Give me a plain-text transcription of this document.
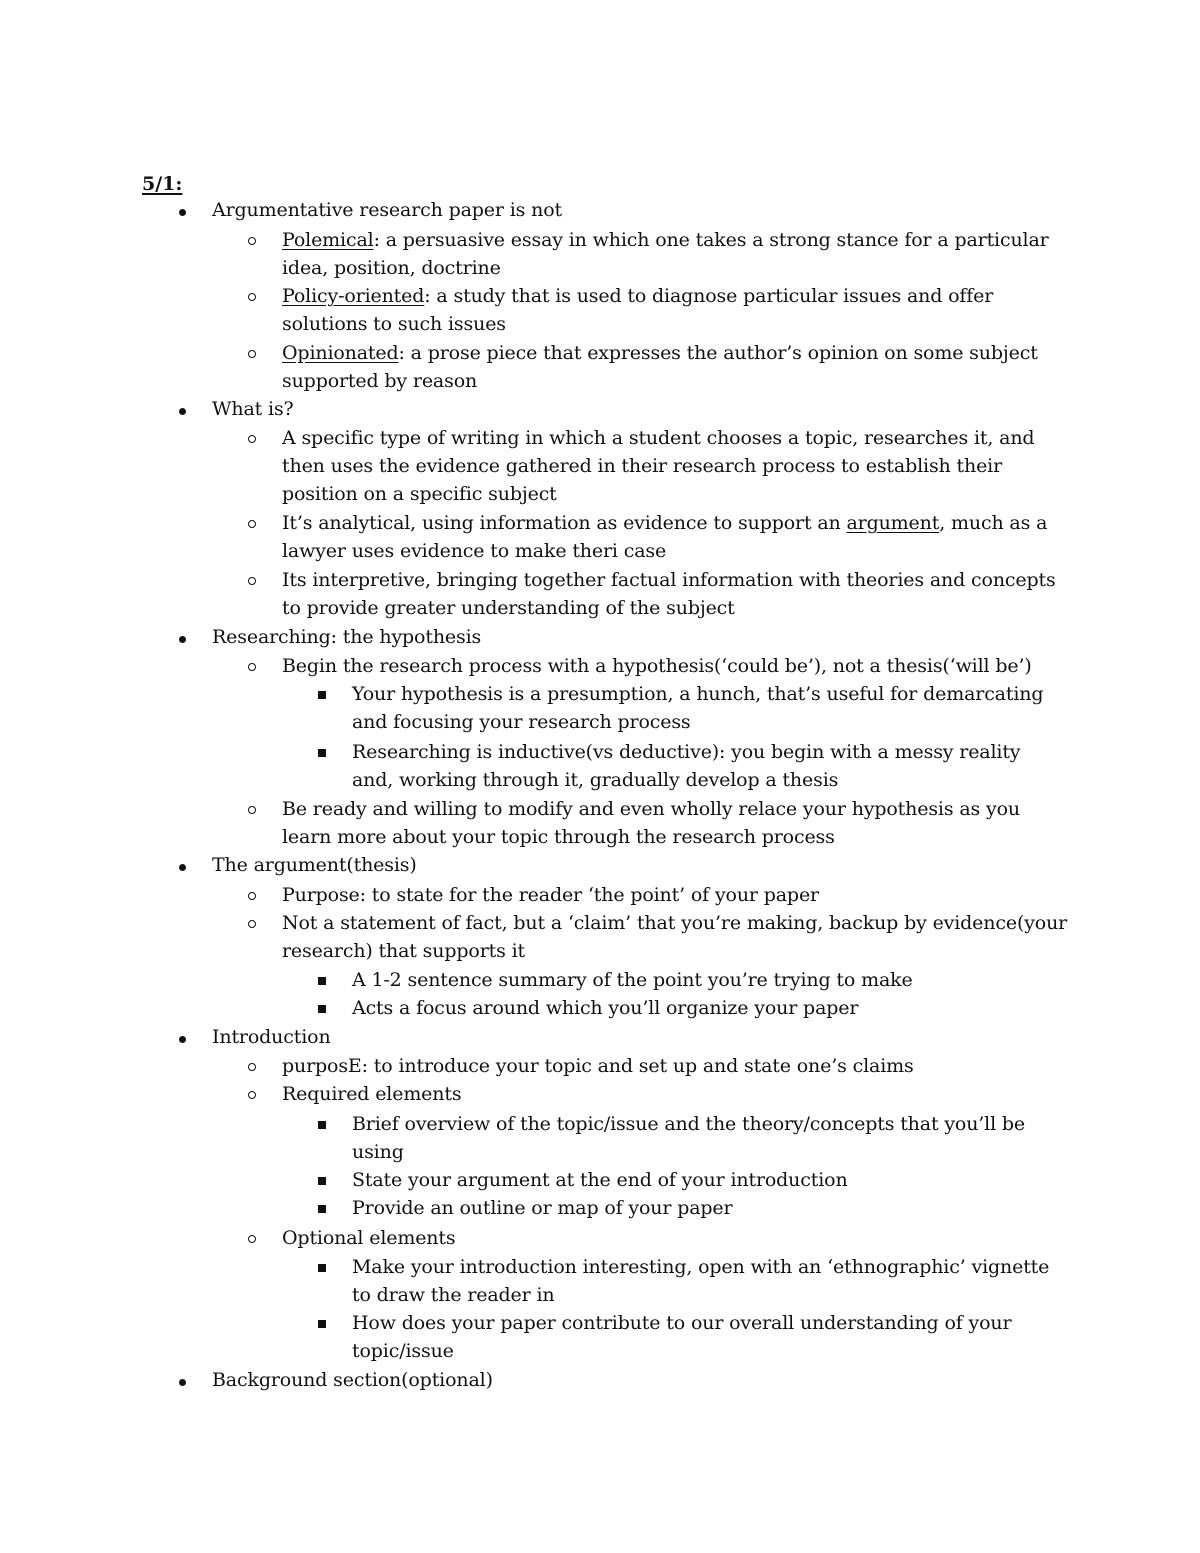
5/1:
Argumentative research paper is not
Polemical: a persuasive essay in which one takes a strong stance for a particular
idea, position, doctrine
Policy-oriented: a study that is used to diagnose particular issues and offer
solutions to such issues
Opinionated: a prose piece that expresses the author’s opinion on some subject
supported by reason
What is?
A specific type of writing in which a student chooses a topic, researches it, and
then uses the evidence gathered in their research process to establish their
position on a specific subject
It’s analytical, using information as evidence to support an argument, much as a
lawyer uses evidence to make theri case
Its interpretive, bringing together factual information with theories and concepts
to provide greater understanding of the subject
Researching: the hypothesis
Begin the research process with a hypothesis(‘could be’), not a thesis(‘will be’)
Your hypothesis is a presumption, a hunch, that’s useful for demarcating
and focusing your research process
Researching is inductive(vs deductive): you begin with a messy reality
and, working through it, gradually develop a thesis
Be ready and willing to modify and even wholly relace your hypothesis as you
learn more about your topic through the research process
The argument(thesis)
Purpose: to state for the reader ‘the point’ of your paper
Not a statement of fact, but a ‘claim’ that you’re making, backup by evidence(your
research) that supports it
A 1-2 sentence summary of the point you’re trying to make
Acts a focus around which you’ll organize your paper
Introduction
purposE: to introduce your topic and set up and state one’s claims
Required elements
Brief overview of the topic/issue and the theory/concepts that you’ll be
using
State your argument at the end of your introduction
Provide an outline or map of your paper
Optional elements
Make your introduction interesting, open with an ‘ethnographic’ vignette
to draw the reader in
How does your paper contribute to our overall understanding of your
topic/issue
Background section(optional)
